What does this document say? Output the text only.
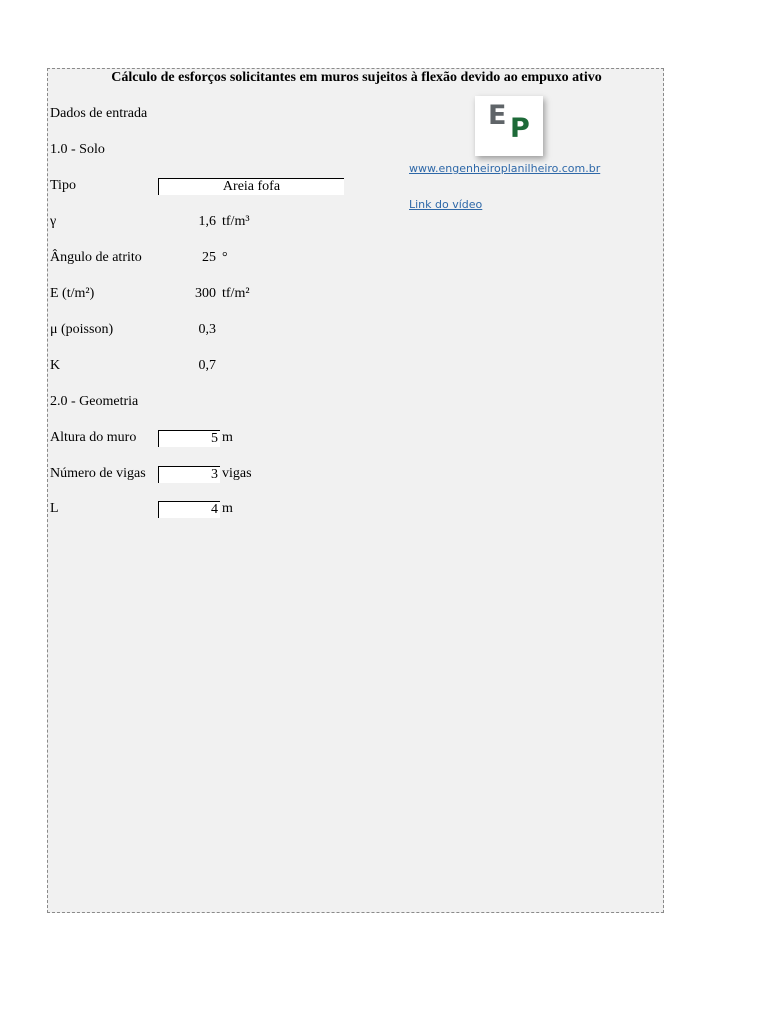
Cálculo de esforços solicitantes em muros sujeitos à flexão devido ao empuxo ativo
Dados de entrada
1.0 - Solo
Tipo	Areia fofa
γ	1,6 tf/m³
Ângulo de atrito	25 °
E (t/m²)	300 tf/m²
μ (poisson)	0,3
K	0,7
2.0 - Geometria
Altura do muro	5 m
Número de vigas	3 vigas
L	4 m
E P
www.engenheiroplanilheiro.com.br
Link do vídeo
